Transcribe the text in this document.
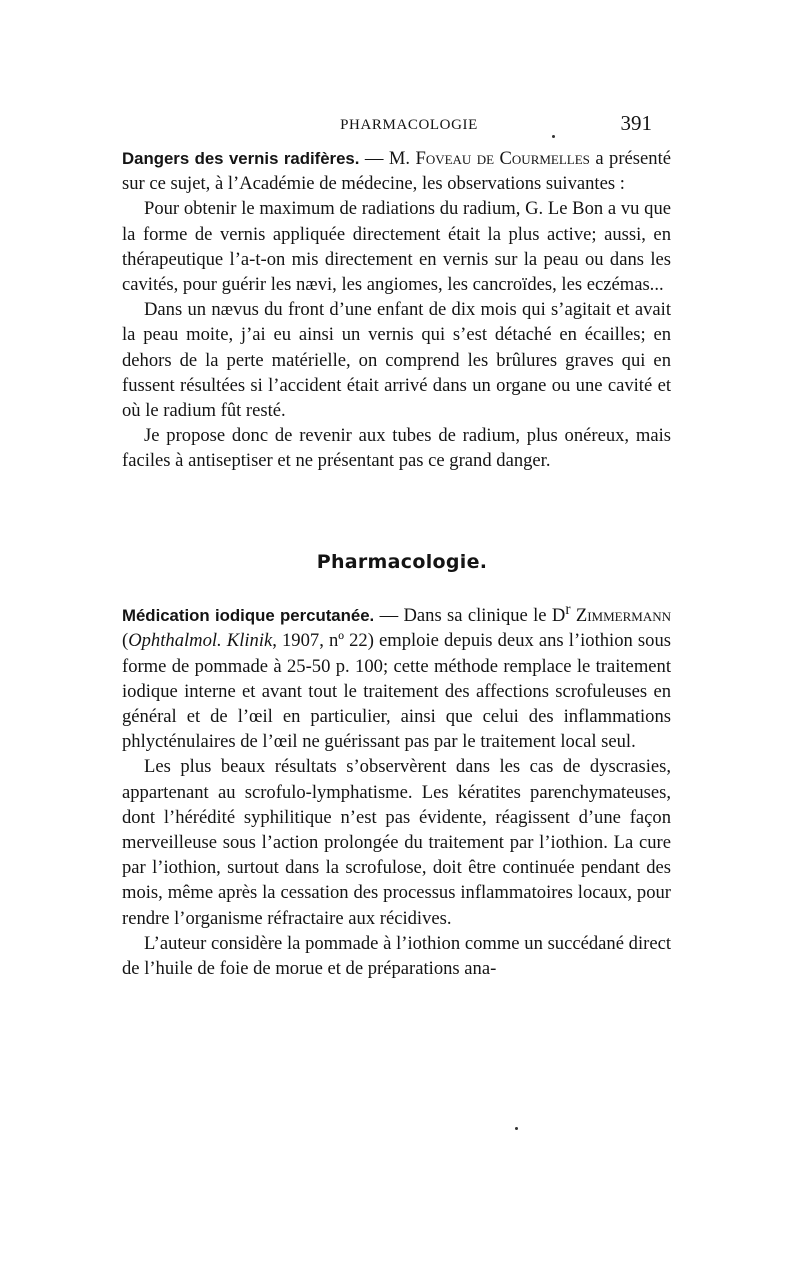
PHARMACOLOGIE	391

Dangers des vernis radifères. — M. Foveau de Courmelles a présenté sur ce sujet, à l’Académie de médecine, les observations suivantes :

Pour obtenir le maximum de radiations du radium, G. Le Bon a vu que la forme de vernis appliquée directement était la plus active; aussi, en thérapeutique l’a-t-on mis directement en vernis sur la peau ou dans les cavités, pour guérir les nævi, les angiomes, les cancroïdes, les eczémas...

Dans un nævus du front d’une enfant de dix mois qui s’agitait et avait la peau moite, j’ai eu ainsi un vernis qui s’est détaché en écailles; en dehors de la perte matérielle, on comprend les brûlures graves qui en fussent résultées si l’accident était arrivé dans un organe ou une cavité et où le radium fût resté.

Je propose donc de revenir aux tubes de radium, plus onéreux, mais faciles à antiseptiser et ne présentant pas ce grand danger.

Pharmacologie.

Médication iodique percutanée. — Dans sa clinique le $D^r$ Zimmermann (Ophthalmol. Klinik, 1907, nº 22) emploie depuis deux ans l’iothion sous forme de pommade à 25-50 p. 100; cette méthode remplace le traitement iodique interne et avant tout le traitement des affections scrofuleuses en général et de l’œil en particulier, ainsi que celui des inflammations phlycténulaires de l’œil ne guérissant pas par le traitement local seul.

Les plus beaux résultats s’observèrent dans les cas de dyscrasies, appartenant au scrofulo-lymphatisme. Les kératites parenchymateuses, dont l’hérédité syphilitique n’est pas évidente, réagissent d’une façon merveilleuse sous l’action prolongée du traitement par l’iothion. La cure par l’iothion, surtout dans la scrofulose, doit être continuée pendant des mois, même après la cessation des processus inflammatoires locaux, pour rendre l’organisme réfractaire aux récidives.

L’auteur considère la pommade à l’iothion comme un succédané direct de l’huile de foie de morue et de préparations ana-
